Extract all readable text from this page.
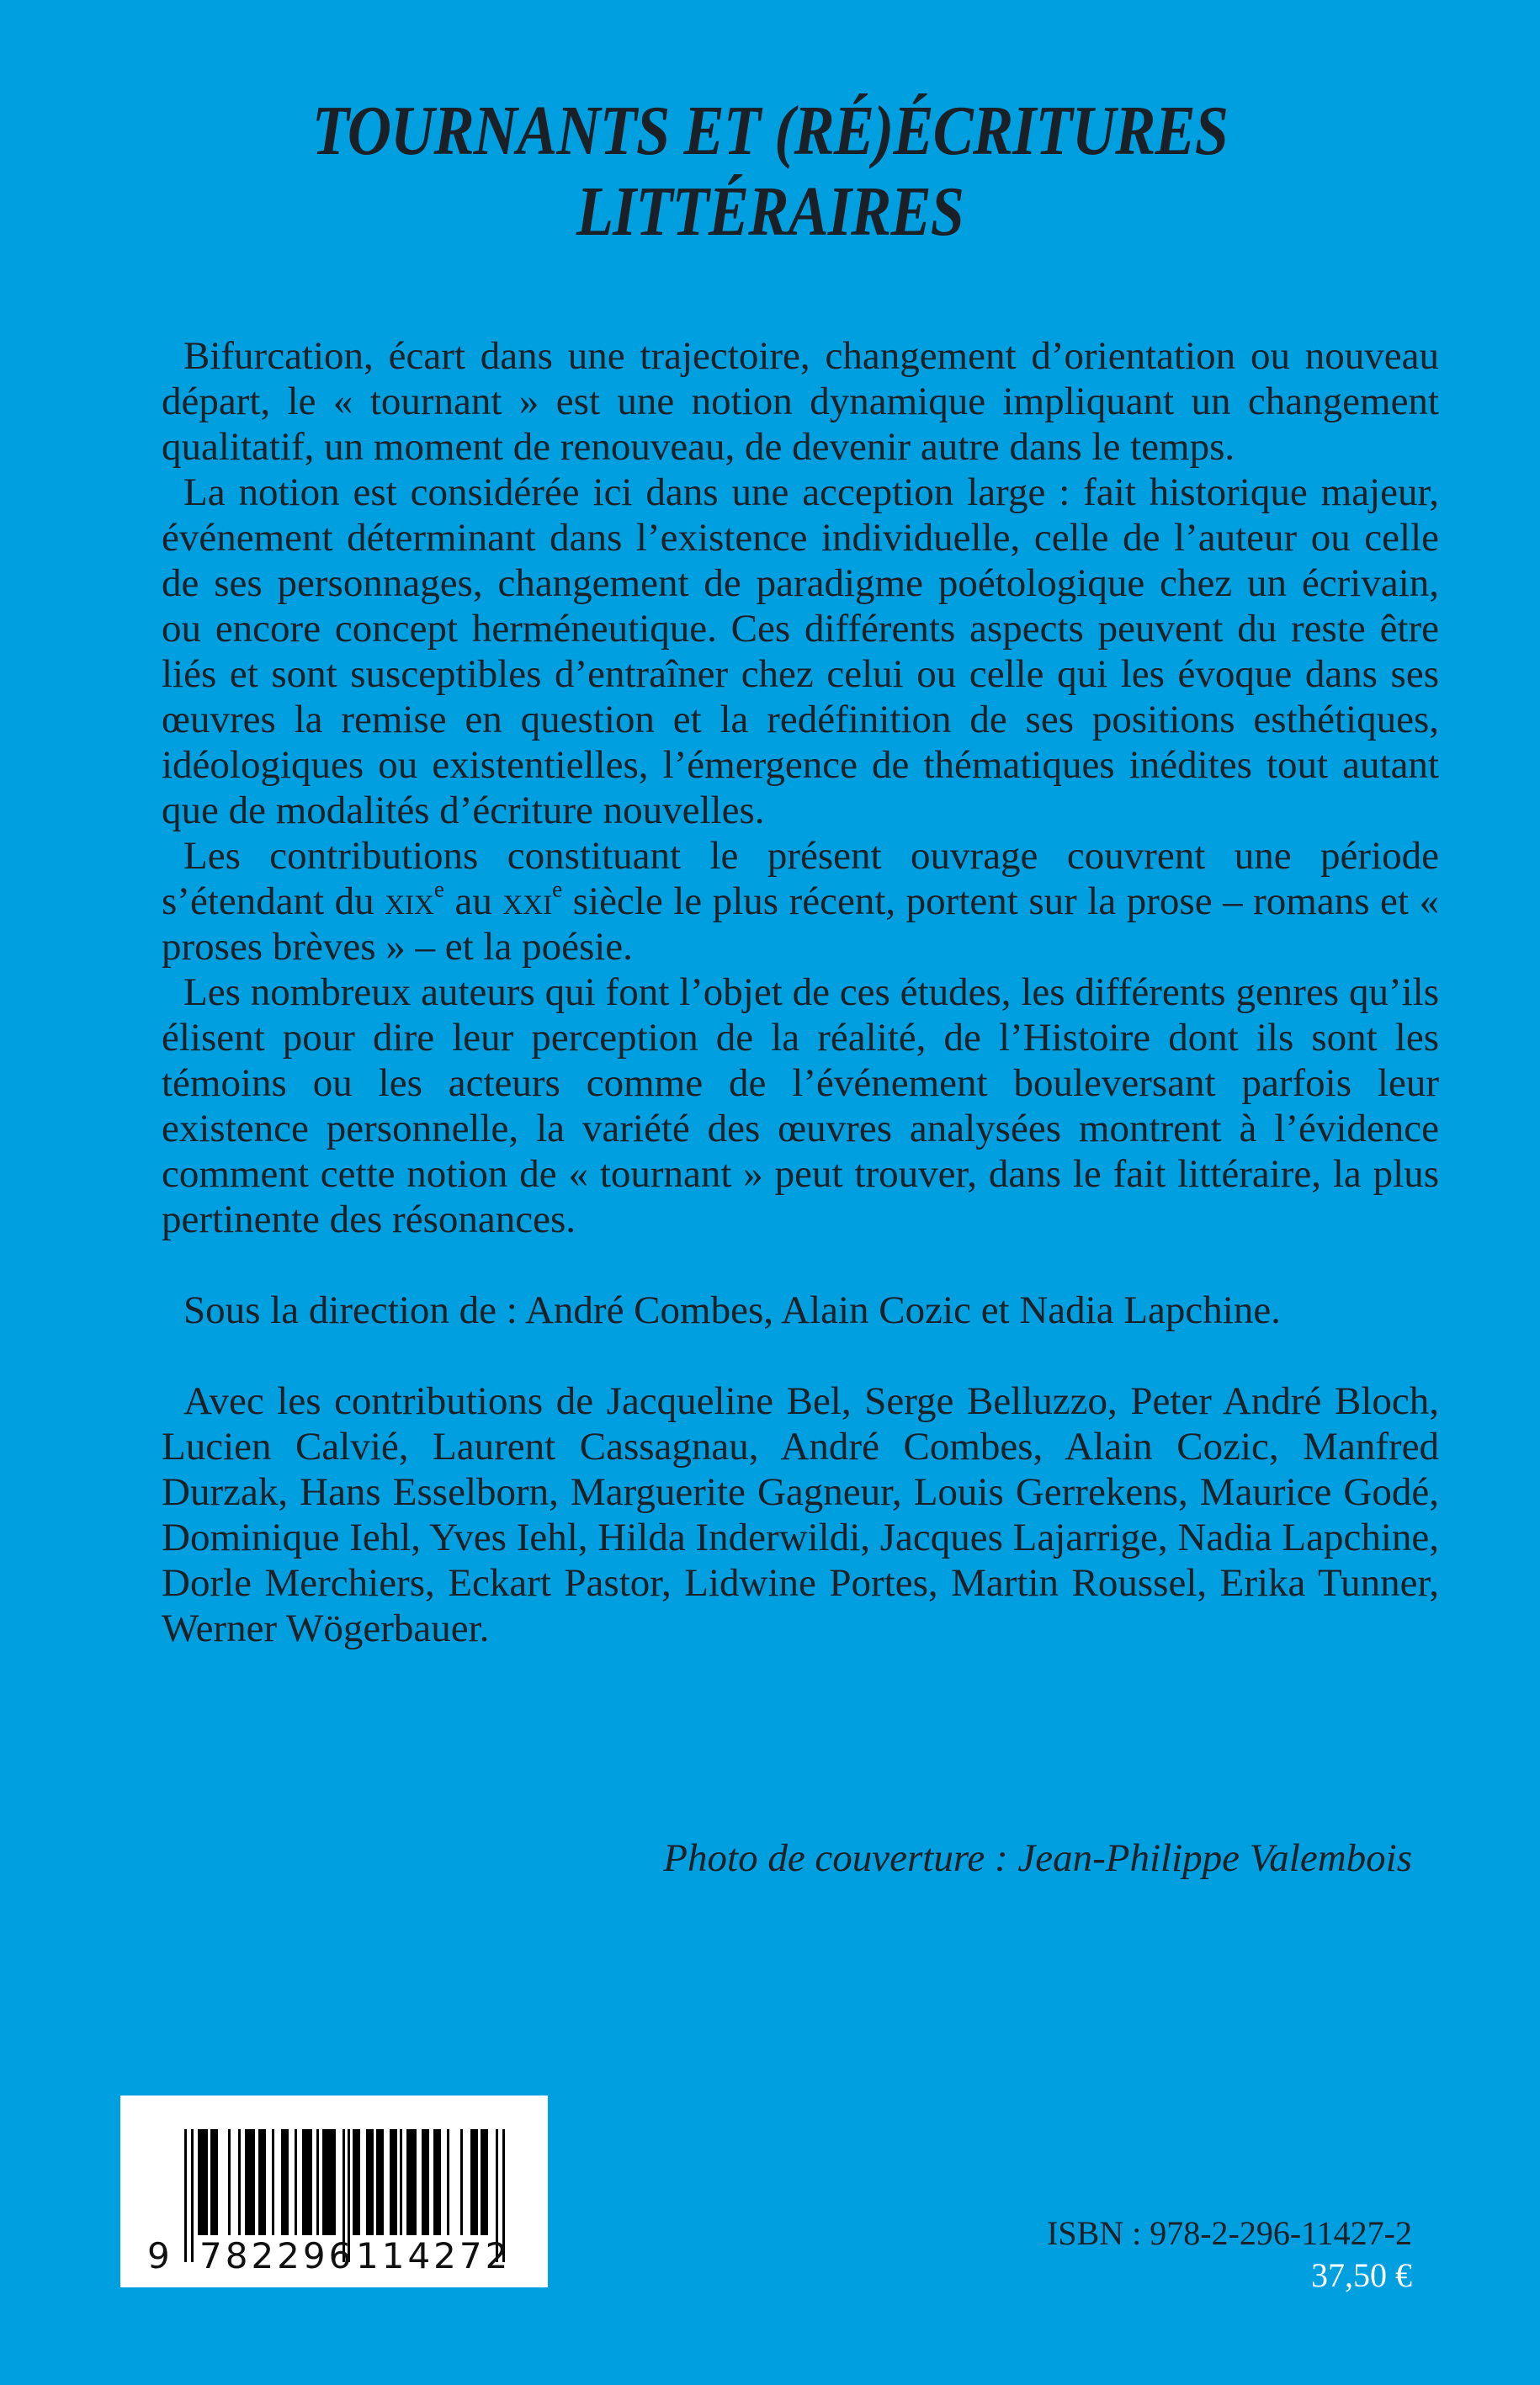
TOURNANTS ET (RÉ)ÉCRITURES
LITTÉRAIRES

Bifurcation, écart dans une trajectoire, changement d’orientation ou nouveau départ, le « tournant » est une notion dynamique impliquant un changement qualitatif, un moment de renouveau, de devenir autre dans le temps.

La notion est considérée ici dans une acception large : fait historique majeur, événement déterminant dans l’existence individuelle, celle de l’auteur ou celle de ses personnages, changement de paradigme poétologique chez un écrivain, ou encore concept herméneutique. Ces différents aspects peuvent du reste être liés et sont susceptibles d’entraîner chez celui ou celle qui les évoque dans ses œuvres la remise en question et la redéfinition de ses positions esthétiques, idéologiques ou existentielles, l’émergence de thématiques inédites tout autant que de modalités d’écriture nouvelles.

Les contributions constituant le présent ouvrage couvrent une période s’étendant du xix$^e$ au xxi$^e$ siècle le plus récent, portent sur la prose – romans et « proses brèves » – et la poésie.

Les nombreux auteurs qui font l’objet de ces études, les différents genres qu’ils élisent pour dire leur perception de la réalité, de l’Histoire dont ils sont les témoins ou les acteurs comme de l’événement bouleversant parfois leur existence personnelle, la variété des œuvres analysées montrent à l’évidence comment cette notion de « tournant » peut trouver, dans le fait littéraire, la plus pertinente des résonances.

Sous la direction de : André Combes, Alain Cozic et Nadia Lapchine.

Avec les contributions de Jacqueline Bel, Serge Belluzzo, Peter André Bloch, Lucien Calvié, Laurent Cassagnau, André Combes, Alain Cozic, Manfred Durzak, Hans Esselborn, Marguerite Gagneur, Louis Gerrekens, Maurice Godé, Dominique Iehl, Yves Iehl, Hilda Inderwildi, Jacques Lajarrige, Nadia Lapchine, Dorle Merchiers, Eckart Pastor, Lidwine Portes, Martin Roussel, Erika Tunner, Werner Wögerbauer.

Photo de couverture : Jean-Philippe Valembois
9 782296 114272
ISBN : 978-2-296-11427-2
37,50 €
